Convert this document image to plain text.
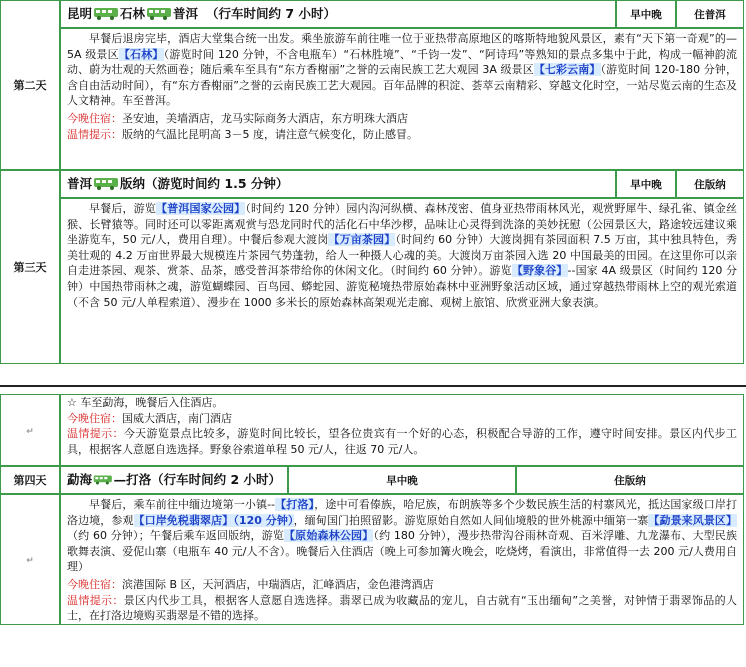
第二天	昆明 石林 普洱 （行车时间约 7 小时）	早中晚	住普洱

	早餐后退房完毕，酒店大堂集合统一出发。乘坐旅游车前往唯一位于亚热带高原地区的喀斯特地貌风景区，素有“天下第一奇观”的—5A 级景区【石林】（游览时间 120 分钟，不含电瓶车）“石林胜境”、“千钧一发”、“阿诗玛”等熟知的景点多集中于此，构成一幅神韵流动、蔚为壮观的天然画卷；随后乘车至具有“东方香榭丽”之誉的云南民族工艺大观园 3A 级景区【七彩云南】（游览时间 120-180 分钟，含自由活动时间），有“东方香榭丽”之誉的云南民族工艺大观园。百年品牌的积淀、荟萃云南精彩、穿越文化时空，一站尽览云南的生态及人文精神。车至普洱。
今晚住宿：圣安迪，美墙酒店，龙马实际商务大酒店，东方明珠大酒店
温情提示：版纳的气温比昆明高 3－5 度，请注意气候变化，防止感冒。		

第三天	普洱 版纳 （游览时间约 1.5 分钟）	早中晚	住版纳

	早餐后，游览【普洱国家公园】（时间约 120 分钟）园内沟河纵横、森林茂密、值身亚热带雨林风光，观赏野犀牛、绿孔雀、镇金丝猴、长臂猿等。同时还可以零距离观赏与恐龙同时代的活化石中华沙椤，品味让心灵得到洗涤的美妙抚慰（公园景区大，路途较远建议乘坐游览车，50 元/人，费用自理）。中餐后参观大渡岗【万亩茶园】（时间约 60 分钟）大渡岗拥有茶园面积 7.5 万亩，其中独具特色，秀美壮观的 4.2 万亩世界最大规模连片茶园气势蓬勃，给人一种摄人心魂的美。大渡岗万亩茶园入选 20 中国最美的田园。在这里你可以亲自走进茶园、观茶、赏茶、品茶，感受普洱茶带给你的休闲文化。（时间约 60 分钟）。游览【野象谷】--国家 4A 级景区（时间约 120 分钟）中国热带雨林之魂，游览蝴蝶园、百鸟园、蟒蛇园、游览秘境热带原始森林中亚洲野象活动区域，通过穿越热带雨林上空的观光索道（不含 50 元/人单程索道）、漫步在 1000 多米长的原始森林高架观光走廊、观树上旅馆、欣赏亚洲大象表演。		
↵	☆ 车至勐海，晚餐后入住酒店。
今晚住宿：国威大酒店，南门酒店
温情提示：今天游览景点比较多，游览时间比较长，望各位贵宾有一个好的心态，积极配合导游的工作，遵守时间安排。景区内代步工具，根据客人意愿自选选择。野象谷索道单程 50 元/人，往返 70 元/人。		

第四天	勐海 —打洛 （行车时间约 2 小时）	早中晚	住版纳
↵	早餐后，乘车前往中缅边境第一小镇--【打洛】，途中可看傣族，哈尼族，布朗族等多个少数民族生活的村寨风光，抵达国家级口岸打洛边境，参观【口岸免税翡翠店】（120 分钟），缅甸国门拍照留影。游览原始自然如人间仙境般的世外桃源中缅第一寨【勐景来风景区】（约 60 分钟）；午餐后乘车返回版纳，游览【原始森林公园】（约 180 分钟），漫步热带沟谷雨林奇观、百米浮雕、九龙瀑布、大型民族歌舞表演、爱伲山寨（电瓶车 40 元/人不含）。晚餐后入住酒店（晚上可参加篝火晚会，吃烧烤，看演出，非常值得一去 200 元/人费用自理）
今晚住宿：滨港国际 B 区，天河酒店，中瑞酒店，汇峰酒店，金色港湾酒店
温情提示：景区内代步工具，根据客人意愿自选选择。翡翠已成为收藏品的宠儿，自古就有“玉出缅甸”之美誉，对钟情于翡翠饰品的人士，在打洛边境购买翡翠是不错的选择。		
